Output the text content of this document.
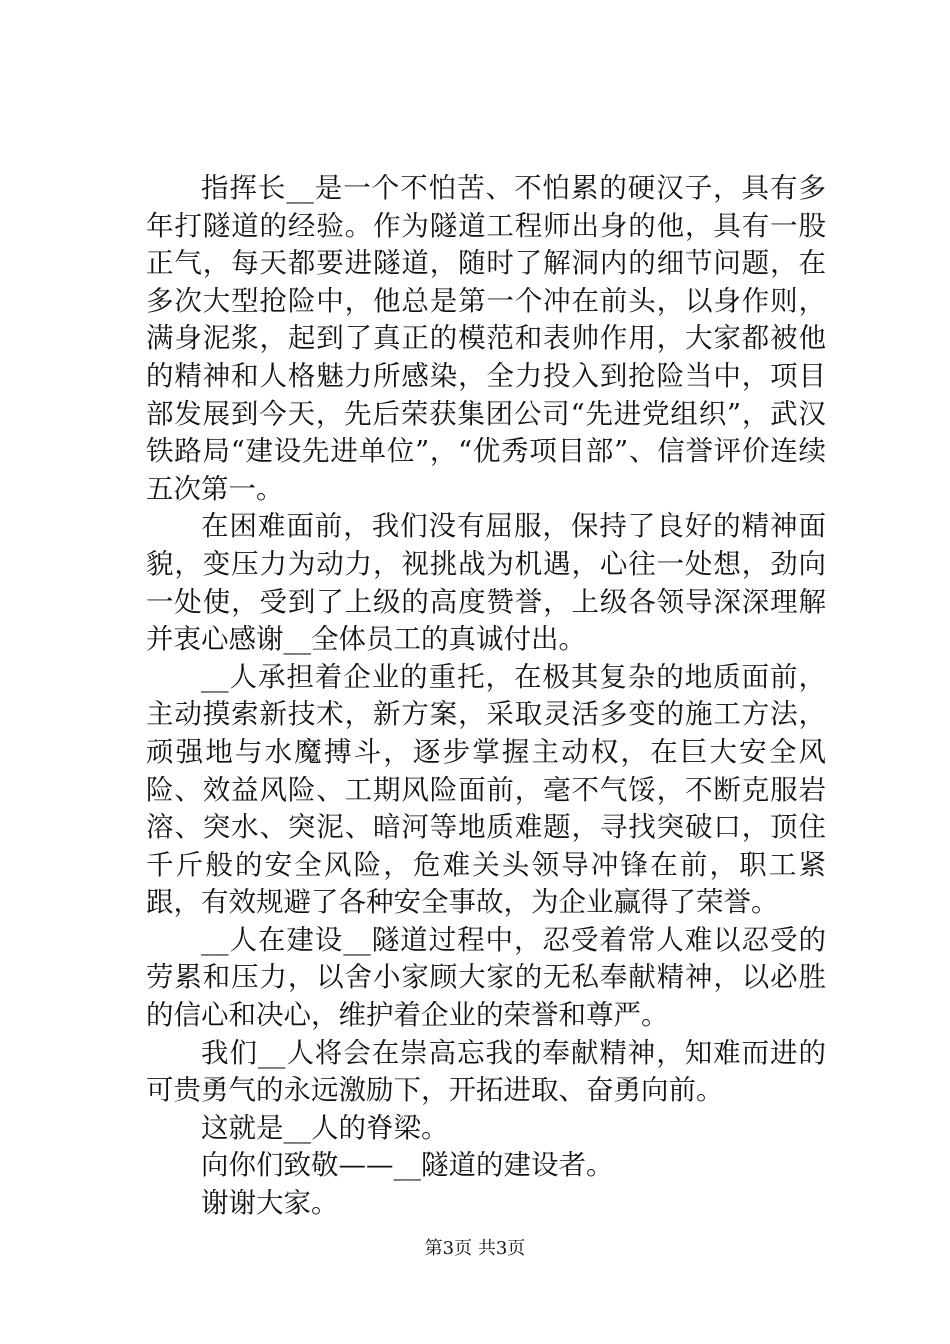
指挥长__是一个不怕苦、不怕累的硬汉子，具有多年打隧道的经验。作为隧道工程师出身的他，具有一股正气，每天都要进隧道，随时了解洞内的细节问题，在多次大型抢险中，他总是第一个冲在前头，以身作则，满身泥浆，起到了真正的模范和表帅作用，大家都被他的精神和人格魅力所感染，全力投入到抢险当中，项目部发展到今天，先后荣获集团公司“先进党组织”，武汉铁路局“建设先进单位”，“优秀项目部”、信誉评价连续五次第一。

在困难面前，我们没有屈服，保持了良好的精神面貌，变压力为动力，视挑战为机遇，心往一处想，劲向一处使，受到了上级的高度赞誉，上级各领导深深理解并衷心感谢__全体员工的真诚付出。

__人承担着企业的重托，在极其复杂的地质面前，主动摸索新技术，新方案，采取灵活多变的施工方法，顽强地与水魔搏斗，逐步掌握主动权，在巨大安全风险、效益风险、工期风险面前，毫不气馁，不断克服岩溶、突水、突泥、暗河等地质难题，寻找突破口，顶住千斤般的安全风险，危难关头领导冲锋在前，职工紧跟，有效规避了各种安全事故，为企业赢得了荣誉。

__人在建设__隧道过程中，忍受着常人难以忍受的劳累和压力，以舍小家顾大家的无私奉献精神，以必胜的信心和决心，维护着企业的荣誉和尊严。

我们__人将会在崇高忘我的奉献精神，知难而进的可贵勇气的永远激励下，开拓进取、奋勇向前。

这就是__人的脊梁。

向你们致敬——__隧道的建设者。

谢谢大家。

第3页 共3页
